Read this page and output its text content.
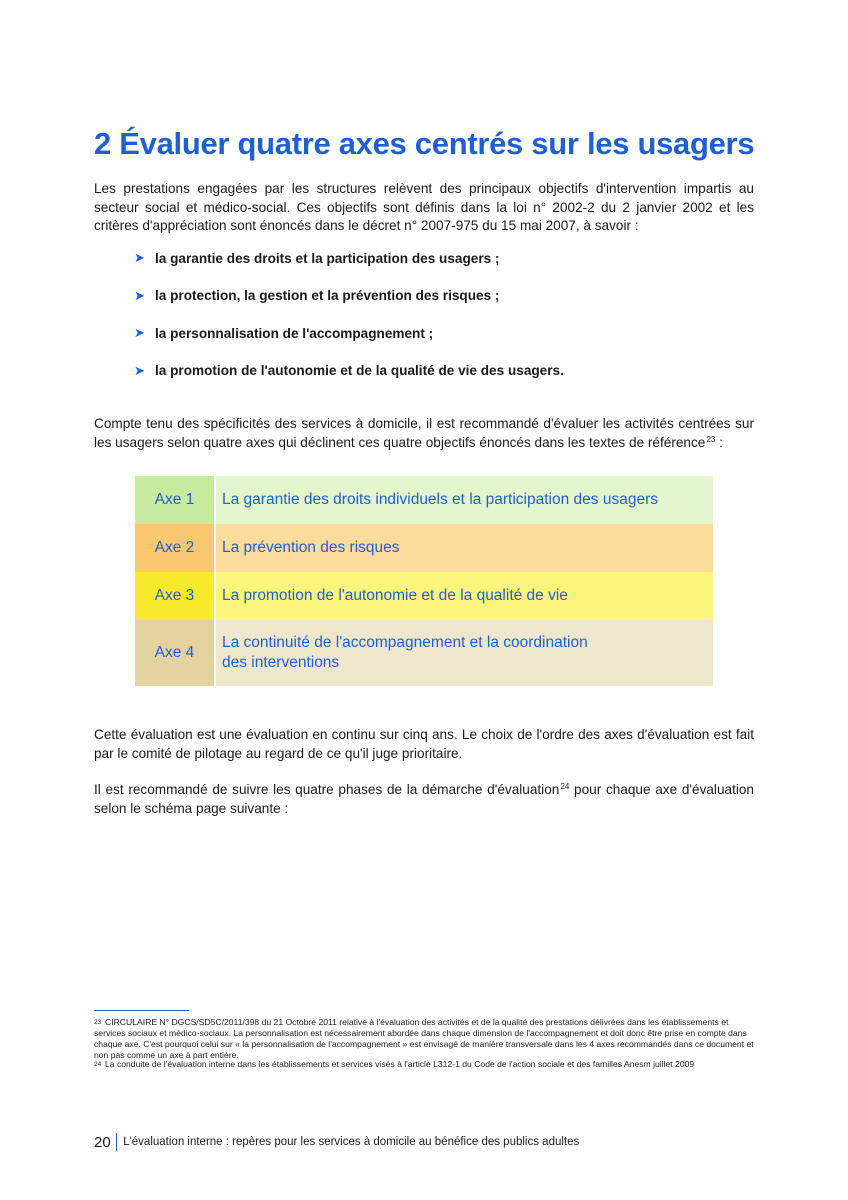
2 Évaluer quatre axes centrés sur les usagers

Les prestations engagées par les structures relèvent des principaux objectifs d'intervention impartis au secteur social et médico-social. Ces objectifs sont définis dans la loi n° 2002-2 du 2 janvier 2002 et les critères d'appréciation sont énoncés dans le décret n° 2007-975 du 15 mai 2007, à savoir :

➤ la garantie des droits et la participation des usagers ;
➤ la protection, la gestion et la prévention des risques ;
➤ la personnalisation de l'accompagnement ;
➤ la promotion de l'autonomie et de la qualité de vie des usagers.

Compte tenu des spécificités des services à domicile, il est recommandé d'évaluer les activités centrées sur les usagers selon quatre axes qui déclinent ces quatre objectifs énoncés dans les textes de référence $^{23}$ :

Axe 1	La garantie des droits individuels et la participation des usagers
Axe 2	La prévention des risques
Axe 3	La promotion de l'autonomie et de la qualité de vie
Axe 4	La continuité de l'accompagnement et la coordination
des interventions

Cette évaluation est une évaluation en continu sur cinq ans. Le choix de l'ordre des axes d'évaluation est fait par le comité de pilotage au regard de ce qu'il juge prioritaire.

Il est recommandé de suivre les quatre phases de la démarche d'évaluation $^{24}$ pour chaque axe d'évaluation selon le schéma page suivante :

23 CIRCULAIRE N° DGCS/SD5C/2011/398 du 21 Octobre 2011 relative à l'évaluation des activités et de la qualité des prestations délivrées dans les établissements et services sociaux et médico-sociaux. La personnalisation est nécessairement abordée dans chaque dimension de l'accompagnement et doit donc être prise en compte dans chaque axe. C'est pourquoi celui sur « la personnalisation de l'accompagnement » est envisagé de manière transversale dans les 4 axes recommandés dans ce document et non pas comme un axe à part entière.

24 La conduite de l'évaluation interne dans les établissements et services visés à l'article L312-1 du Code de l'action sociale et des familles Anesm juillet 2009

20	L'évaluation interne : repères pour les services à domicile au bénéfice des publics adultes
